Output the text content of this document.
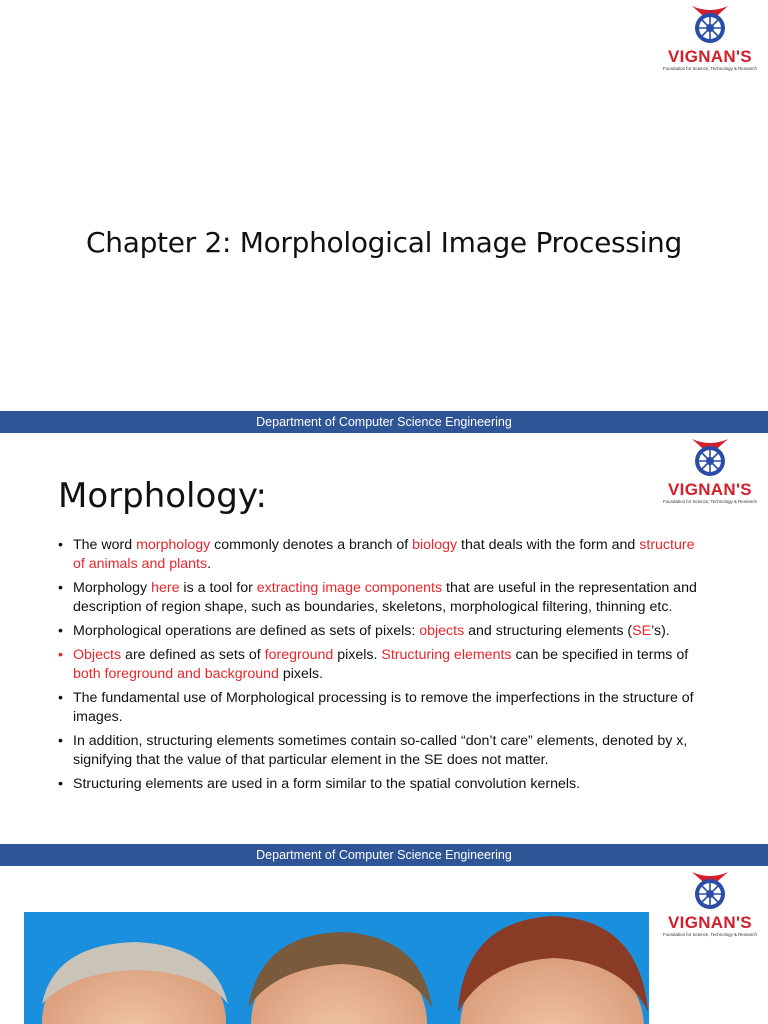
VIGNAN'S
Foundation for Science, Technology & Research
Chapter 2: Morphological Image Processing
Department of Computer Science Engineering
VIGNAN'S
Foundation for Science, Technology & Research
Department of Computer Science Engineering
Morphology:
• The word morphology commonly denotes a branch of biology that deals with the form and structure of animals and plants.
• Morphology here is a tool for extracting image components that are useful in the representation and description of region shape, such as boundaries, skeletons, morphological filtering, thinning etc.
• Morphological operations are defined as sets of pixels: objects and structuring elements (SE’s).
• Objects are defined as sets of foreground pixels. Structuring elements can be specified in terms of both foreground and background pixels.
• The fundamental use of Morphological processing is to remove the imperfections in the structure of images.
• In addition, structuring elements sometimes contain so-called “don’t care” elements, denoted by x, signifying that the value of that particular element in the SE does not matter.
• Structuring elements are used in a form similar to the spatial convolution kernels.
VIGNAN'S
Foundation for Science, Technology & Research
